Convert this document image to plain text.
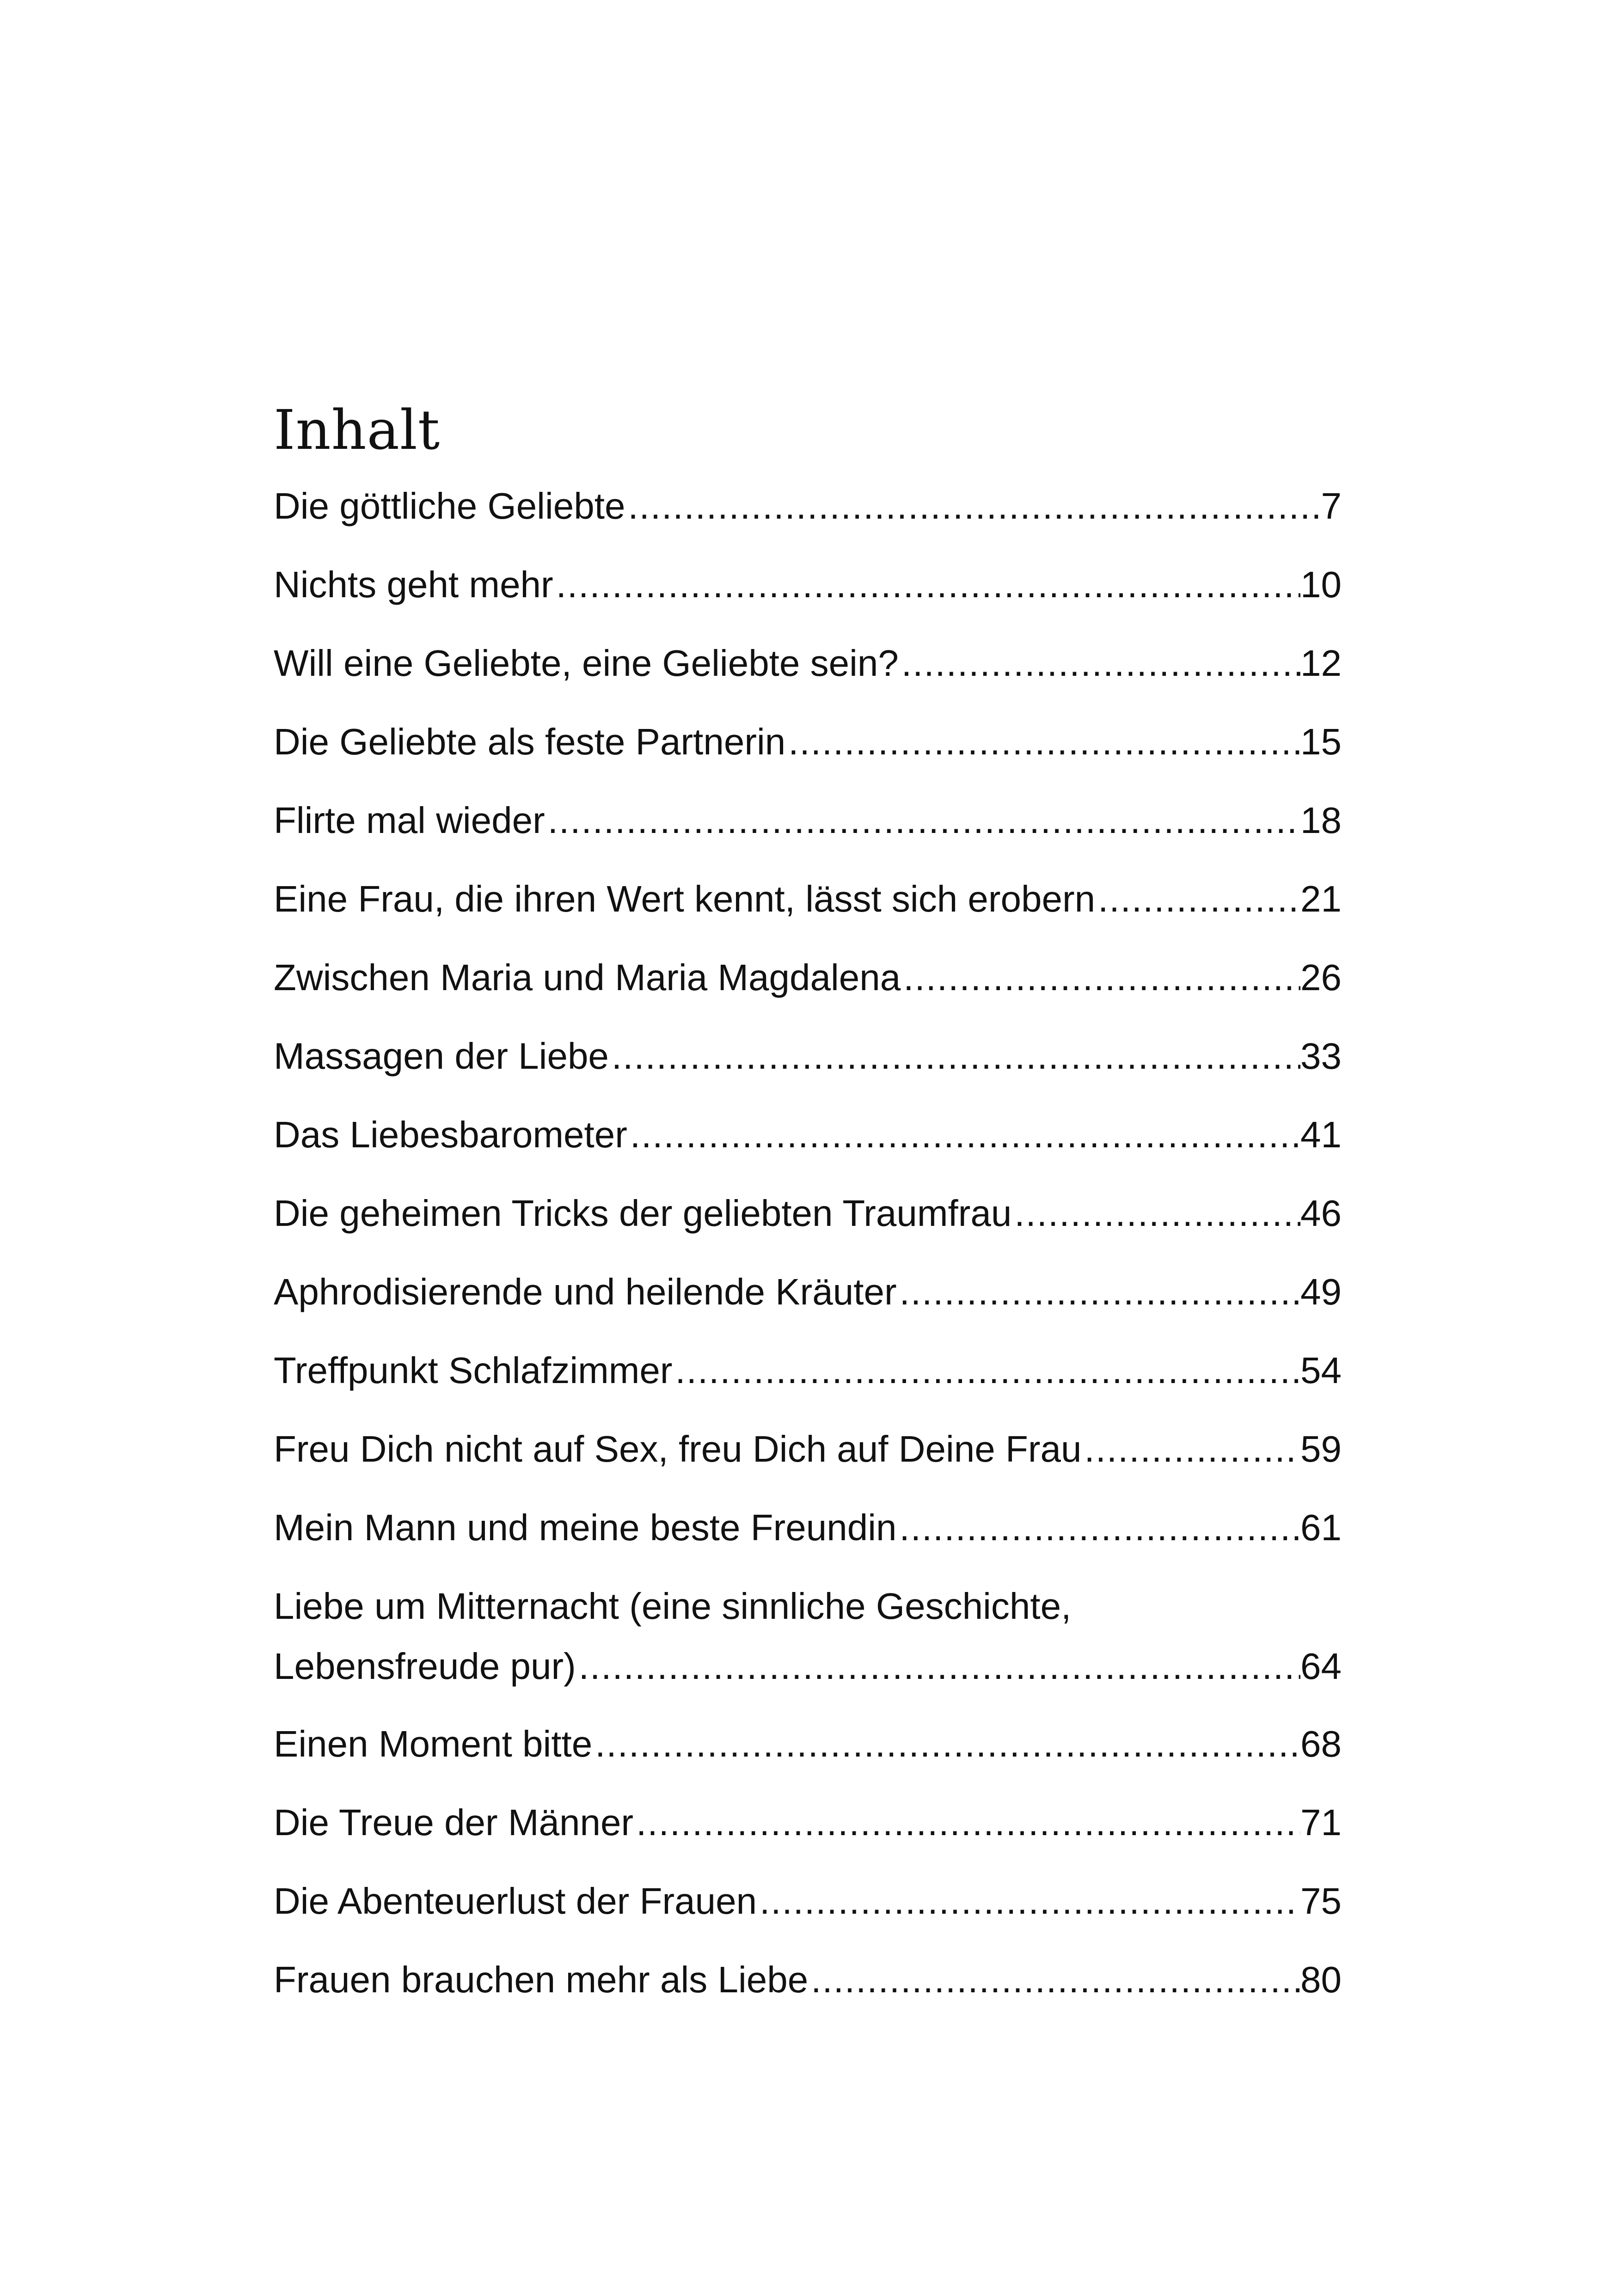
Inhalt
Die göttliche Geliebte .....	7
Nichts geht mehr .....	10
Will eine Geliebte, eine Geliebte sein? .....	12
Die Geliebte als feste Partnerin .....	15
Flirte mal wieder .....	18
Eine Frau, die ihren Wert kennt, lässt sich erobern .....	21
Zwischen Maria und Maria Magdalena .....	26
Massagen der Liebe .....	33
Das Liebesbarometer .....	41
Die geheimen Tricks der geliebten Traumfrau .....	46
Aphrodisierende und heilende Kräuter .....	49
Treffpunkt Schlafzimmer .....	54
Freu Dich nicht auf Sex, freu Dich auf Deine Frau .....	59
Mein Mann und meine beste Freundin .....	61
Liebe um Mitternacht (eine sinnliche Geschichte,
Lebensfreude pur) .....	64
Einen Moment bitte .....	68
Die Treue der Männer .....	71
Die Abenteuerlust der Frauen .....	75
Frauen brauchen mehr als Liebe .....	80
